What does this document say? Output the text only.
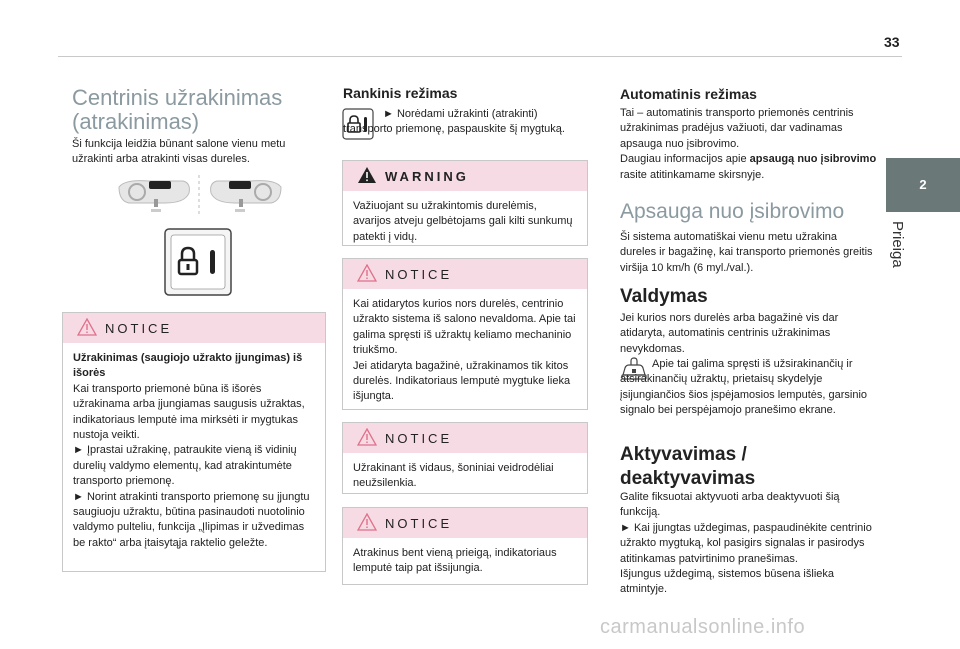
33
2
Prieiga
Centrinis užrakinimas
(atrakinimas)
Ši funkcija leidžia būnant salone vienu metu užrakinti arba atrakinti visas dureles.
NOTICE
Užrakinimas (saugiojo užrakto įjungimas) iš išorės
Kai transporto priemonė būna iš išorės užrakinama arba įjungiamas saugusis užraktas, indikatoriaus lemputė ima mirksėti ir mygtukas nustoja veikti.
► Įprastai užrakinę, patraukite vieną iš vidinių durelių valdymo elementų, kad atrakintumėte transporto priemonę.
► Norint atrakinti transporto priemonę su įjungtu saugiuoju užraktu, būtina pasinaudoti nuotolinio valdymo pulteliu, funkcija „Įlipimas ir užvedimas be rakto“ arba įtaisytąja raktelio geležte.
Rankinis režimas
► Norėdami užrakinti (atrakinti) transporto priemonę, paspauskite šį mygtuką.
WARNING
Važiuojant su užrakintomis durelėmis, avarijos atveju gelbėtojams gali kilti sunkumų patekti į vidų.
NOTICE
Kai atidarytos kurios nors durelės, centrinio užrakto sistema iš salono nevaldoma. Apie tai galima spręsti iš užraktų keliamo mechaninio triukšmo.
Jei atidaryta bagažinė, užrakinamos tik kitos durelės. Indikatoriaus lemputė mygtuke lieka išjungta.
NOTICE
Užrakinant iš vidaus, šoniniai veidrodėliai neužsilenkia.
NOTICE
Atrakinus bent vieną prieigą, indikatoriaus lemputė taip pat išsijungia.
Automatinis režimas
Tai – automatinis transporto priemonės centrinis užrakinimas pradėjus važiuoti, dar vadinamas apsauga nuo įsibrovimo.
Daugiau informacijos apie apsaugą nuo įsibrovimo rasite atitinkamame skirsnyje.
Apsauga nuo įsibrovimo
Ši sistema automatiškai vienu metu užrakina dureles ir bagažinę, kai transporto priemonės greitis viršija 10 km/h (6 myl./val.).
Valdymas
Jei kurios nors durelės arba bagažinė vis dar atidaryta, automatinis centrinis užrakinimas nevykdomas.
Apie tai galima spręsti iš užsirakinančių ir atsirakinančių užraktų, prietaisų skydelyje įsijungiančios šios įspėjamosios lemputės, garsinio signalo bei perspėjamojo pranešimo ekrane.
Aktyvavimas /
deaktyvavimas
Galite fiksuotai aktyvuoti arba deaktyvuoti šią funkciją.
► Kai įjungtas uždegimas, paspaudinėkite centrinio užrakto mygtuką, kol pasigirs signalas ir pasirodys atitinkamas patvirtinimo pranešimas.
Išjungus uždegimą, sistemos būsena išlieka atmintyje.
carmanualsonline.info
